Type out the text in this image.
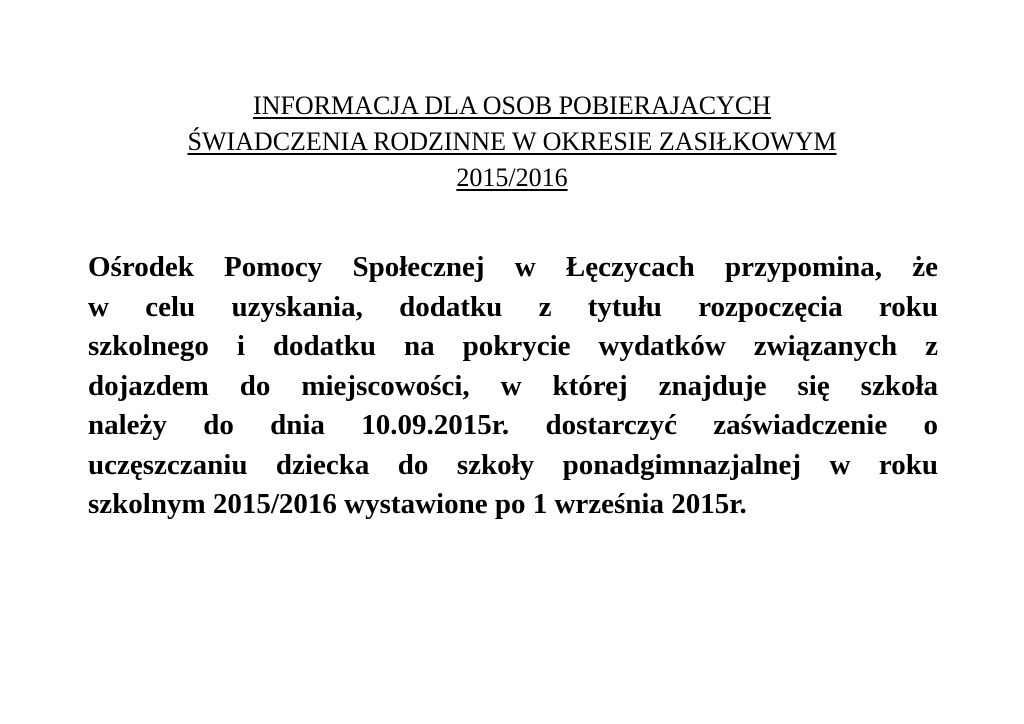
INFORMACJA DLA OSOB POBIERAJACYCH
ŚWIADCZENIA RODZINNE W OKRESIE ZASIŁKOWYM
2015/2016
Ośrodek Pomocy Społecznej w Łęczycach przypomina, że
w celu uzyskania, dodatku z tytułu rozpoczęcia roku
szkolnego i dodatku na pokrycie wydatków związanych z
dojazdem do miejscowości, w której znajduje się szkoła
należy do dnia 10.09.2015r. dostarczyć zaświadczenie o
uczęszczaniu dziecka do szkoły ponadgimnazjalnej w roku
szkolnym 2015/2016 wystawione po 1 września 2015r.
